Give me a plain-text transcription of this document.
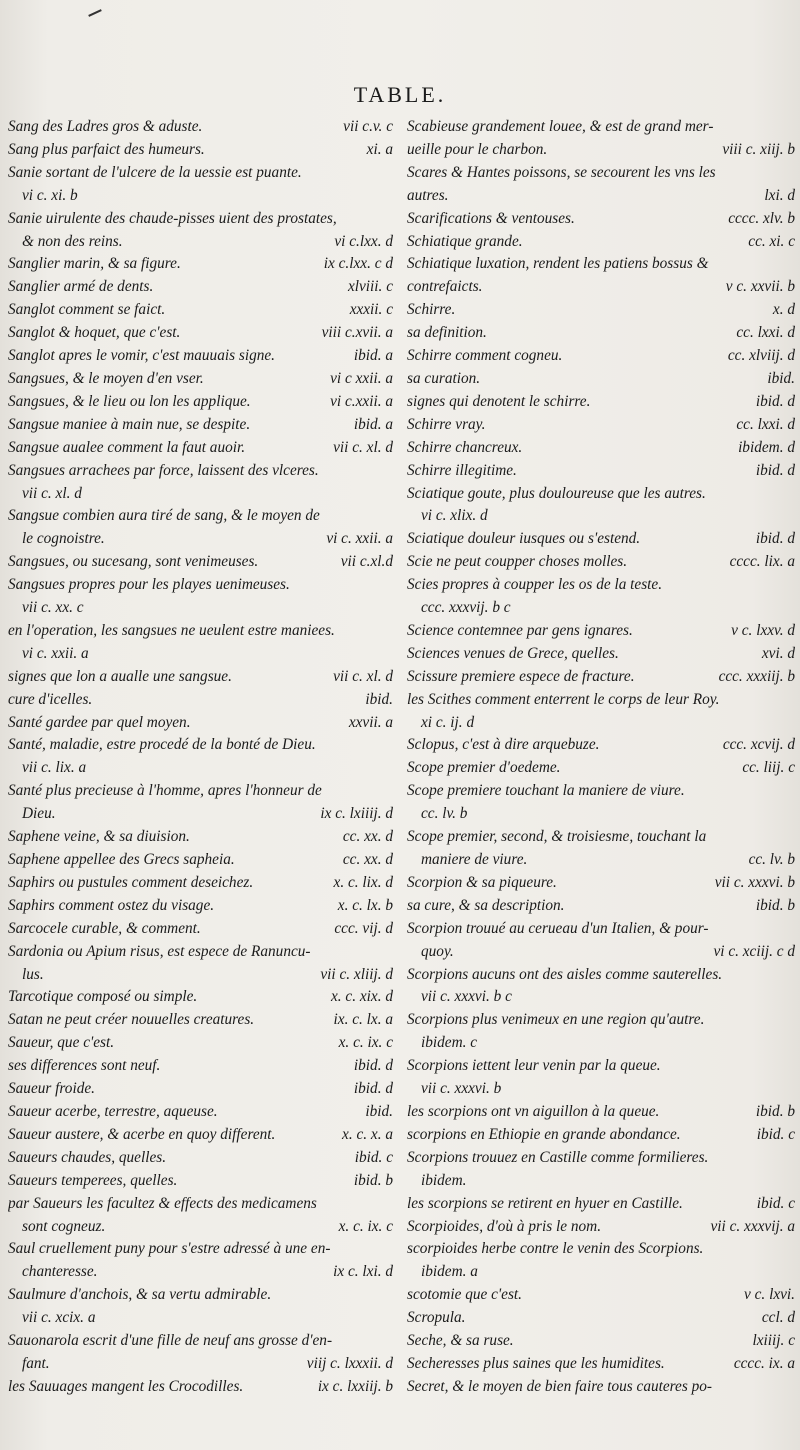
TABLE.
Sang des Ladres gros & aduste.	vii c.v. c
Sang plus parfaict des humeurs.	xi. a
Sanie sortant de l'ulcere de la uessie est puante.
vi c. xi. b
Sanie uirulente des chaude-pisses uient des prostates,
& non des reins.	vi c.lxx. d
Sanglier marin, & sa figure.	ix c.lxx. c d
Sanglier armé de dents.	xlviii. c
Sanglot comment se faict.	xxxii. c
Sanglot & hoquet, que c'est.	viii c.xvii. a
Sanglot apres le vomir, c'est mauuais signe.	ibid. a
Sangsues, & le moyen d'en vser.	vi c xxii. a
Sangsues, & le lieu ou lon les applique.	vi c.xxii. a
Sangsue maniee à main nue, se despite.	ibid. a
Sangsue aualee comment la faut auoir.	vii c. xl. d
Sangsues arrachees par force, laissent des vlceres.
vii c. xl. d
Sangsue combien aura tiré de sang, & le moyen de
le cognoistre.	vi c. xxii. a
Sangsues, ou sucesang, sont venimeuses.	vii c.xl.d
Sangsues propres pour les playes uenimeuses.
vii c. xx. c
en l'operation, les sangsues ne ueulent estre maniees.
vi c. xxii. a
signes que lon a aualle une sangsue.	vii c. xl. d
cure d'icelles.	ibid.
Santé gardee par quel moyen.	xxvii. a
Santé, maladie, estre procedé de la bonté de Dieu.
vii c. lix. a
Santé plus precieuse à l'homme, apres l'honneur de
Dieu.	ix c. lxiiij. d
Saphene veine, & sa diuision.	cc. xx. d
Saphene appellee des Grecs sapheia.	cc. xx. d
Saphirs ou pustules comment deseichez.	x. c. lix. d
Saphirs comment ostez du visage.	x. c. lx. b
Sarcocele curable, & comment.	ccc. vij. d
Sardonia ou Apium risus, est espece de Ranuncu-
lus.	vii c. xliij. d
Tarcotique composé ou simple.	x. c. xix. d
Satan ne peut créer nouuelles creatures.	ix. c. lx. a
Saueur, que c'est.	x. c. ix. c
ses differences sont neuf.	ibid. d
Saueur froide.	ibid. d
Saueur acerbe, terrestre, aqueuse.	ibid.
Saueur austere, & acerbe en quoy different.	x. c. x. a
Saueurs chaudes, quelles.	ibid. c
Saueurs temperees, quelles.	ibid. b
par Saueurs les facultez & effects des medicamens
sont cogneuz.	x. c. ix. c
Saul cruellement puny pour s'estre adressé à une en-
chanteresse.	ix c. lxi. d
Saulmure d'anchois, & sa vertu admirable.
vii c. xcix. a
Sauonarola escrit d'une fille de neuf ans grosse d'en-
fant.	viij c. lxxxii. d
les Sauuages mangent les Crocodilles.	ix c. lxxiij. b
Scabieuse grandement louee, & est de grand mer-
ueille pour le charbon.	viii c. xiij. b
Scares & Hantes poissons, se secourent les vns les
autres.	lxi. d
Scarifications & ventouses.	cccc. xlv. b
Schiatique grande.	cc. xi. c
Schiatique luxation, rendent les patiens bossus &
contrefaicts.	v c. xxvii. b
Schirre.	x. d
sa definition.	cc. lxxi. d
Schirre comment cogneu.	cc. xlviij. d
sa curation.	ibid.
signes qui denotent le schirre.	ibid. d
Schirre vray.	cc. lxxi. d
Schirre chancreux.	ibidem. d
Schirre illegitime.	ibid. d
Sciatique goute, plus douloureuse que les autres.
vi c. xlix. d
Sciatique douleur iusques ou s'estend.	ibid. d
Scie ne peut coupper choses molles.	cccc. lix. a
Scies propres à coupper les os de la teste.
ccc. xxxvij. b c
Science contemnee par gens ignares.	v c. lxxv. d
Sciences venues de Grece, quelles.	xvi. d
Scissure premiere espece de fracture.	ccc. xxxiij. b
les Scithes comment enterrent le corps de leur Roy.
xi c. ij. d
Sclopus, c'est à dire arquebuze.	ccc. xcvij. d
Scope premier d'oedeme.	cc. liij. c
Scope premiere touchant la maniere de viure.
cc. lv. b
Scope premier, second, & troisiesme, touchant la
maniere de viure.	cc. lv. b
Scorpion & sa piqueure.	vii c. xxxvi. b
sa cure, & sa description.	ibid. b
Scorpion trouué au cerueau d'un Italien, & pour-
quoy.	vi c. xciij. c d
Scorpions aucuns ont des aisles comme sauterelles.
vii c. xxxvi. b c
Scorpions plus venimeux en une region qu'autre.
ibidem. c
Scorpions iettent leur venin par la queue.
vii c. xxxvi. b
les scorpions ont vn aiguillon à la queue.	ibid. b
scorpions en Ethiopie en grande abondance.	ibid. c
Scorpions trouuez en Castille comme formilieres.
ibidem.
les scorpions se retirent en hyuer en Castille.	ibid. c
Scorpioides, d'où à pris le nom.	vii c. xxxvij. a
scorpioides herbe contre le venin des Scorpions.
ibidem. a
scotomie que c'est.	v c. lxvi.
Scropula.	ccl. d
Seche, & sa ruse.	lxiiij. c
Secheresses plus saines que les humidites.	cccc. ix. a
Secret, & le moyen de bien faire tous cauteres po-
